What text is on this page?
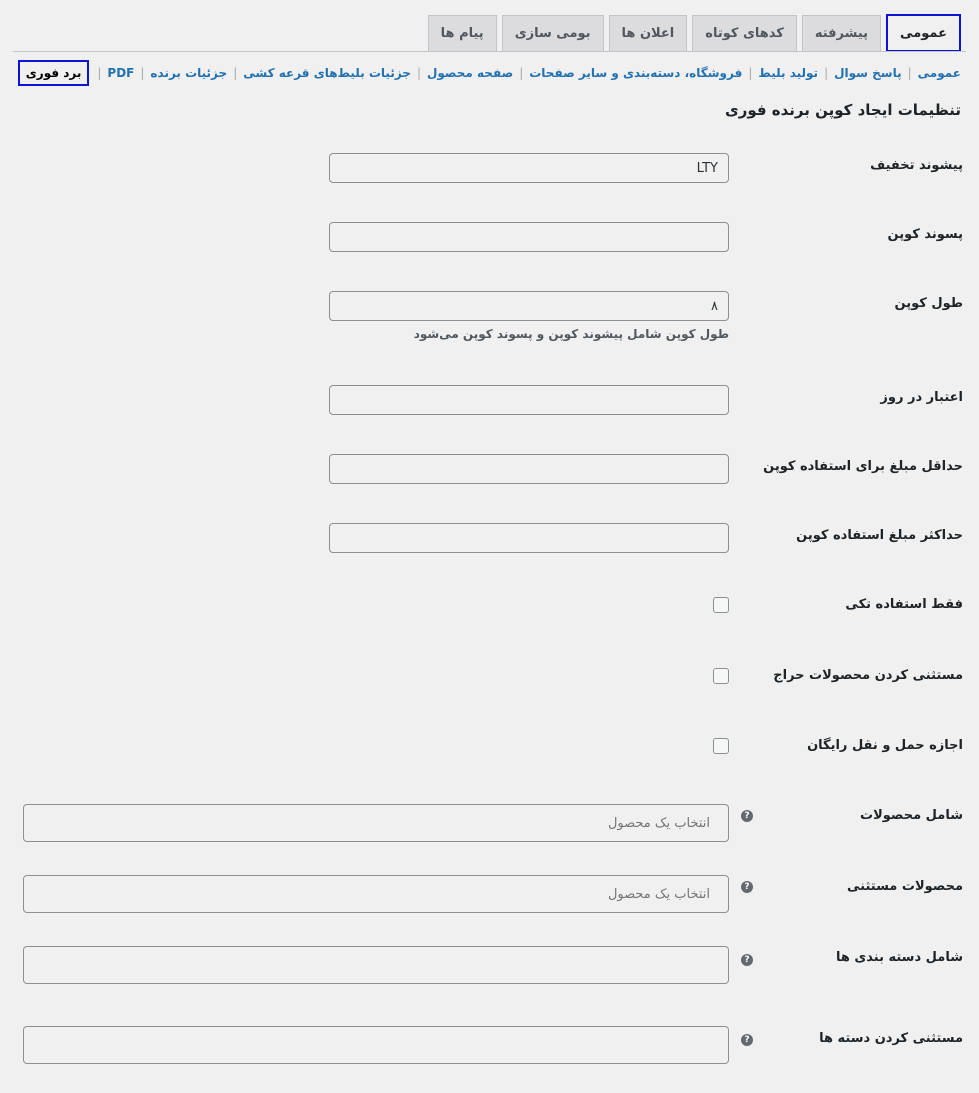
عمومی
پیشرفته
کدهای کوتاه
اعلان ها
بومی سازی
پیام ها
عمومی
|
پاسخ سوال
|
تولید بلیط
|
فروشگاه، دسته‌بندی و سایر صفحات
|
صفحه محصول
|
جزئیات بلیط‌های قرعه کشی
|
جزئیات برنده
|
PDF
|
برد فوری
تنظیمات ایجاد کوپن برنده فوری
پیشوند تخفیف
LTY
پسوند کوپن
طول کوپن
۸
طول کوپن شامل پیشوند کوپن و پسوند کوپن می‌شود
اعتبار در روز
حداقل مبلغ برای استفاده کوپن
حداکثر مبلغ استفاده کوپن
فقط استفاده تکی
مستثنی کردن محصولات حراج
اجازه حمل و نقل رایگان
شامل محصولات
?
انتخاب یک محصول
محصولات مستثنی
?
انتخاب یک محصول
شامل دسته بندی ها
?
مستثنی کردن دسته ها
?
